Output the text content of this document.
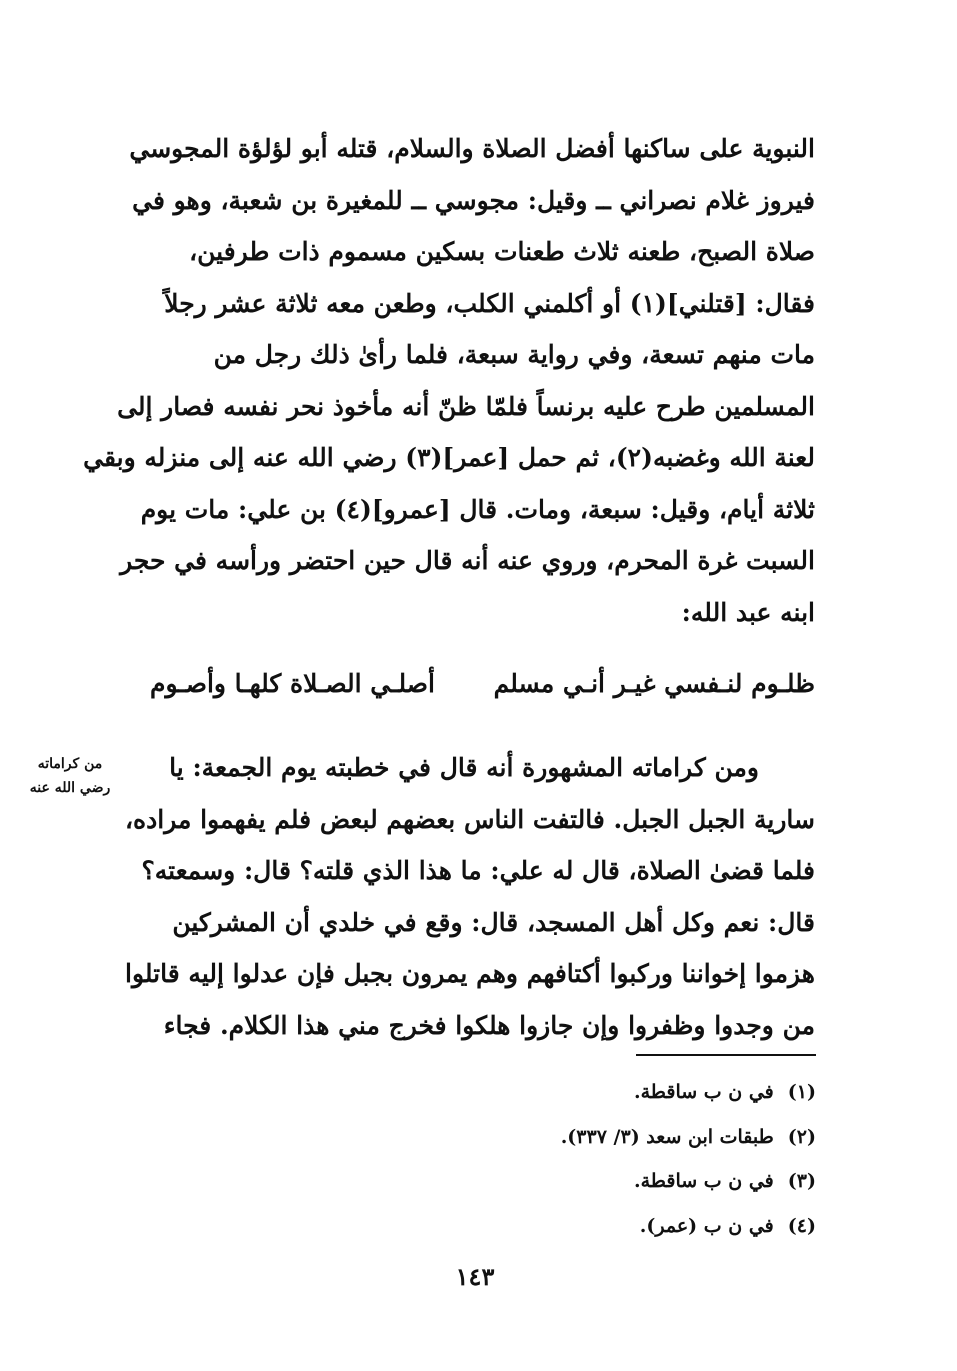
النبوية على ساكنها أفضل الصلاة والسلام، قتله أبو لؤلؤة المجوسي
فيروز غلام نصراني ــ وقيل: مجوسي ــ للمغيرة بن شعبة، وهو في
صلاة الصبح، طعنه ثلاث طعنات بسكين مسموم ذات طرفين،
فقال: [قتلني](١) أو أكلمني الكلب، وطعن معه ثلاثة عشر رجلاً
مات منهم تسعة، وفي رواية سبعة، فلما رأىٰ ذلك رجل من
المسلمين طرح عليه برنساً فلمّا ظنّ أنه مأخوذ نحر نفسه فصار إلى
لعنة الله وغضبه(٢)، ثم حمل [عمر](٣) رضي الله عنه إلى منزله وبقي
ثلاثة أيام، وقيل: سبعة، ومات. قال [عمرو](٤) بن علي: مات يوم
السبت غرة المحرم، وروي عنه أنه قال حين احتضر ورأسه في حجر
ابنه عبد الله:
ظلـوم لنـفسي غيـر أنـي مسلم
أصلـي الصـلاة كلهـا وأصـوم
من كراماته
رضي الله عنه
ومن كراماته المشهورة أنه قال في خطبته يوم الجمعة: يا
سارية الجبل الجبل. فالتفت الناس بعضهم لبعض فلم يفهموا مراده،
فلما قضىٰ الصلاة، قال له علي: ما هذا الذي قلته؟ قال: وسمعته؟
قال: نعم وكل أهل المسجد، قال: وقع في خلدي أن المشركين
هزموا إخواننا وركبوا أكتافهم وهم يمرون بجبل فإن عدلوا إليه قاتلوا
من وجدوا وظفروا وإن جازوا هلكوا فخرج مني هذا الكلام. فجاء
(١)في ن ب ساقطة.
(٢)طبقات ابن سعد (٣/ ٣٣٧).
(٣)في ن ب ساقطة.
(٤)في ن ب (عمر).
١٤٣
